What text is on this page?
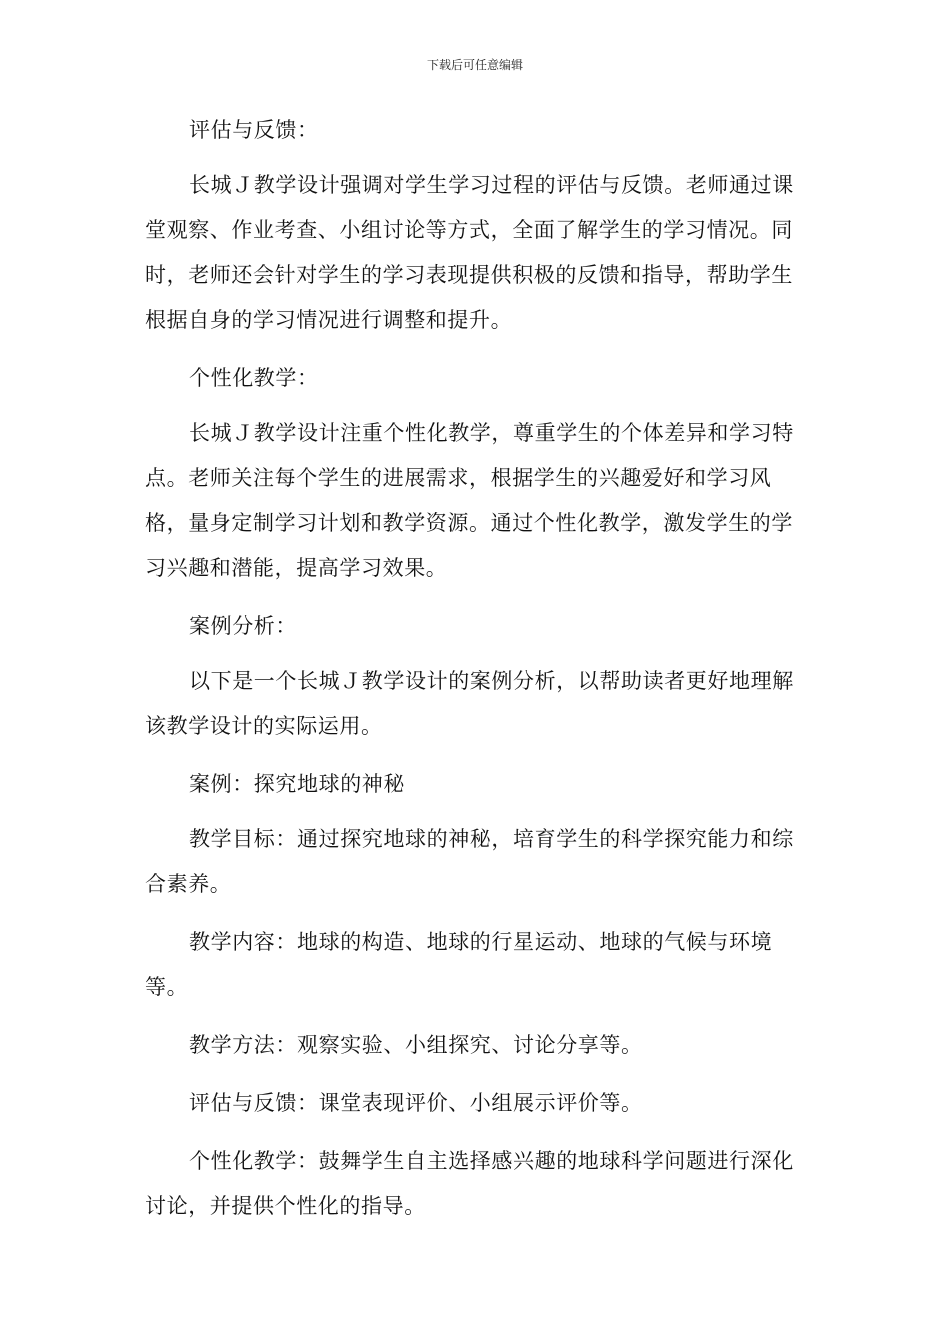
下载后可任意编辑

评估与反馈：

长城Ｊ教学设计强调对学生学习过程的评估与反馈。老师通过课堂观察、作业考查、小组讨论等方式，全面了解学生的学习情况。同时，老师还会针对学生的学习表现提供积极的反馈和指导，帮助学生根据自身的学习情况进行调整和提升。

个性化教学：

长城Ｊ教学设计注重个性化教学，尊重学生的个体差异和学习特点。老师关注每个学生的进展需求，根据学生的兴趣爱好和学习风格，量身定制学习计划和教学资源。通过个性化教学，激发学生的学习兴趣和潜能，提高学习效果。

案例分析：

以下是一个长城Ｊ教学设计的案例分析，以帮助读者更好地理解该教学设计的实际运用。

案例：探究地球的神秘

教学目标：通过探究地球的神秘，培育学生的科学探究能力和综合素养。

教学内容：地球的构造、地球的行星运动、地球的气候与环境等。

教学方法：观察实验、小组探究、讨论分享等。

评估与反馈：课堂表现评价、小组展示评价等。

个性化教学：鼓舞学生自主选择感兴趣的地球科学问题进行深化讨论，并提供个性化的指导。
